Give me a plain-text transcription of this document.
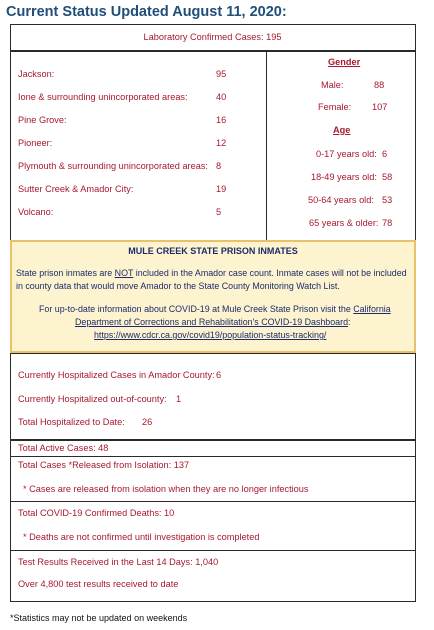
Current Status Updated August 11, 2020:
Laboratory Confirmed Cases: 195
Jackson:	95
Ione & surrounding unincorporated areas:	40
Pine Grove:	16
Pioneer:	12
Plymouth & surrounding unincorporated areas: 8
Sutter Creek & Amador City:	19
Volcano:	5
Gender
Male:	88
Female: 107
Age
0-17 years old: 6
18-49 years old: 58
50-64 years old: 53
65 years & older: 78
MULE CREEK STATE PRISON INMATES
State prison inmates are NOT included in the Amador case count. Inmate cases will not be included
in county data that would move Amador to the State County Monitoring Watch List.
For up-to-date information about COVID-19 at Mule Creek State Prison visit the California
Department of Corrections and Rehabilitation's COVID-19 Dashboard:
https://www.cdcr.ca.gov/covid19/population-status-tracking/
Currently Hospitalized Cases in Amador County: 6
Currently Hospitalized out-of-county: 1
Total Hospitalized to Date: 26
Total Active Cases: 48
Total Cases *Released from Isolation: 137
* Cases are released from isolation when they are no longer infectious
Total COVID-19 Confirmed Deaths: 10
* Deaths are not confirmed until investigation is completed
Test Results Received in the Last 14 Days: 1,040
Over 4,800 test results received to date
*Statistics may not be updated on weekends
